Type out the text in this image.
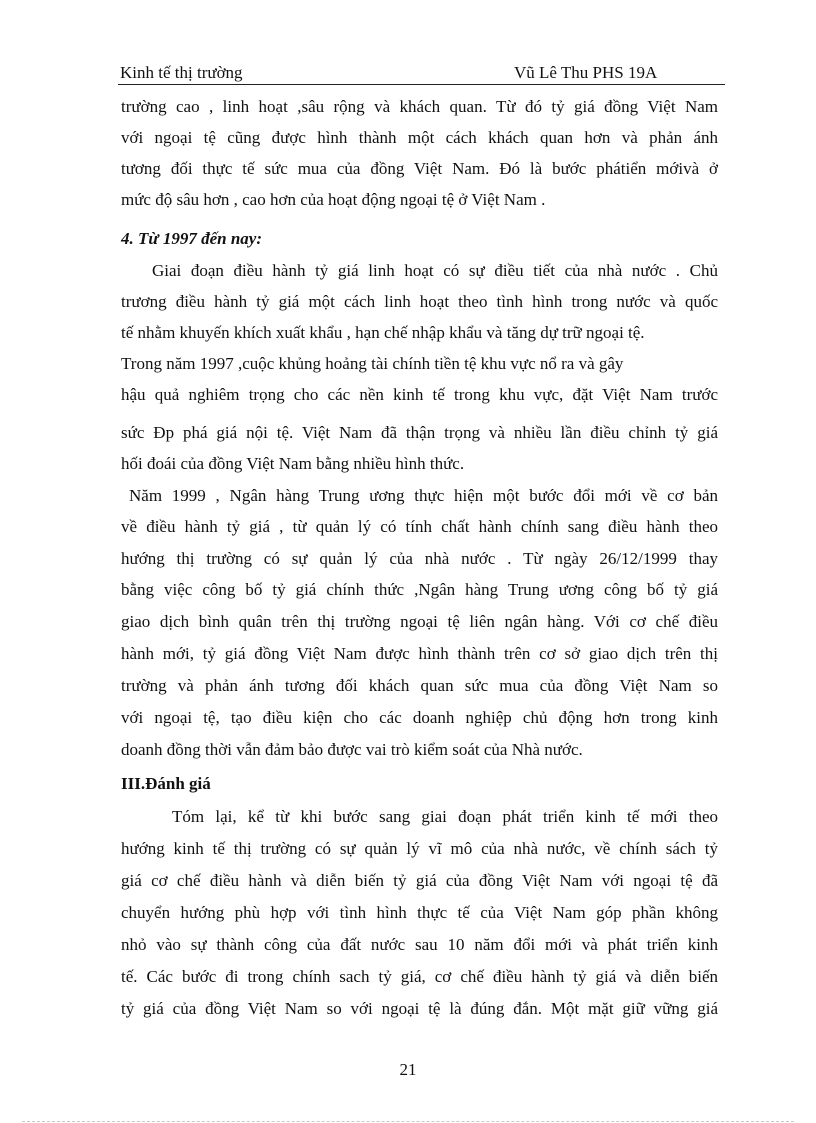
Kinh tế thị trường	Vũ Lê Thu PHS 19A
trường cao , linh hoạt ,sâu rộng và khách quan. Từ đó tỷ giá đồng Việt Nam
với ngoại tệ cũng được hình thành một cách khách quan hơn và phản ánh
tương đối thực tế sức mua của đồng Việt Nam. Đó là bước phátiển mớivà ở
mức độ sâu hơn , cao hơn của hoạt động ngoại tệ ở Việt Nam .
4. Từ 1997 đến nay:
Giai đoạn điều hành tỷ giá linh hoạt có sự điều tiết của nhà nước . Chủ
trương điều hành tỷ giá một cách linh hoạt theo tình hình trong nước và quốc
tế nhằm khuyến khích xuất khẩu , hạn chế nhập khẩu và tăng dự trữ ngoại tệ.
Trong năm 1997 ,cuộc khủng hoảng tài chính tiền tệ khu vực nổ ra và gây
hậu quả nghiêm trọng cho các nền kinh tế trong khu vực, đặt Việt Nam trước
sức Ðp phá giá nội tệ. Việt Nam đã thận trọng và nhiều lần điều chỉnh tỷ giá
hối đoái của đồng Việt Nam bằng nhiều hình thức.
Năm 1999 , Ngân hàng Trung ương thực hiện một bước đổi mới về cơ bản
về điều hành tỷ giá , từ quản lý có tính chất hành chính sang điều hành theo
hướng thị trường có sự quản lý của nhà nước . Từ ngày 26/12/1999 thay
bằng việc công bố tỷ giá chính thức ,Ngân hàng Trung ương công bố tỷ giá
giao dịch bình quân trên thị trường ngoại tệ liên ngân hàng. Với cơ chế điều
hành mới, tỷ giá đồng Việt Nam được hình thành trên cơ sở giao dịch trên thị
trường và phản ánh tương đối khách quan sức mua của đồng Việt Nam so
với ngoại tệ, tạo điều kiện cho các doanh nghiệp chủ động hơn trong kinh
doanh đồng thời vẫn đảm bảo được vai trò kiểm soát của Nhà nước.
III.Đánh giá
Tóm lại, kể từ khi bước sang giai đoạn phát triển kinh tế mới theo
hướng kinh tế thị trường có sự quản lý vĩ mô của nhà nước, về chính sách tỷ
giá cơ chế điều hành và diễn biến tỷ giá của đồng Việt Nam với ngoại tệ đã
chuyển hướng phù hợp với tình hình thực tế của Việt Nam góp phần không
nhỏ vào sự thành công của đất nước sau 10 năm đổi mới và phát triển kinh
tế. Các bước đi trong chính sach tỷ giá, cơ chế điều hành tỷ giá và diễn biến
tỷ giá của đồng Việt Nam so với ngoại tệ là đúng đắn. Một mặt giữ vững giá
21
